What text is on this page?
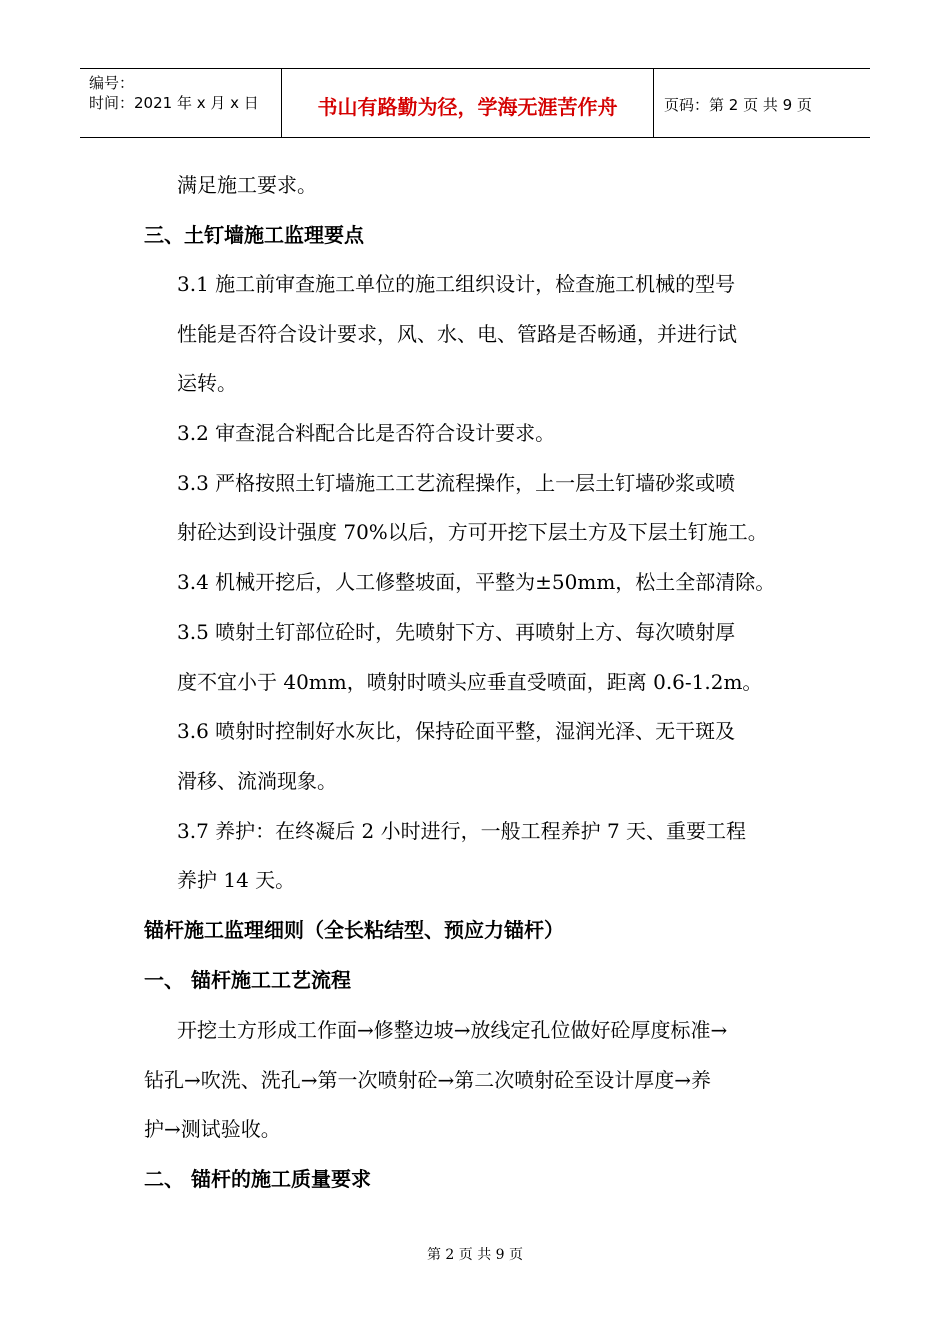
编号：
时间：2021 年 x 月 x 日	书山有路勤为径，学海无涯苦作舟	页码：第 2 页 共 9 页
满足施工要求。
三、土钉墙施工监理要点
3.1 施工前审查施工单位的施工组织设计，检查施工机械的型号
性能是否符合设计要求，风、水、电、管路是否畅通，并进行试
运转。
3.2 审查混合料配合比是否符合设计要求。
3.3 严格按照土钉墙施工工艺流程操作，上一层土钉墙砂浆或喷
射砼达到设计强度 70%以后，方可开挖下层土方及下层土钉施工。
3.4 机械开挖后，人工修整坡面，平整为±50mm，松土全部清除。
3.5 喷射土钉部位砼时，先喷射下方、再喷射上方、每次喷射厚
度不宜小于 40mm，喷射时喷头应垂直受喷面，距离 0.6-1.2m。
3.6 喷射时控制好水灰比，保持砼面平整，湿润光泽、无干斑及
滑移、流淌现象。
3.7 养护：在终凝后 2 小时进行，一般工程养护 7 天、重要工程
养护 14 天。
锚杆施工监理细则（全长粘结型、预应力锚杆）
一、 锚杆施工工艺流程
开挖土方形成工作面→修整边坡→放线定孔位做好砼厚度标准→
钻孔→吹洗、洗孔→第一次喷射砼→第二次喷射砼至设计厚度→养
护→测试验收。
二、 锚杆的施工质量要求
第 2 页 共 9 页
